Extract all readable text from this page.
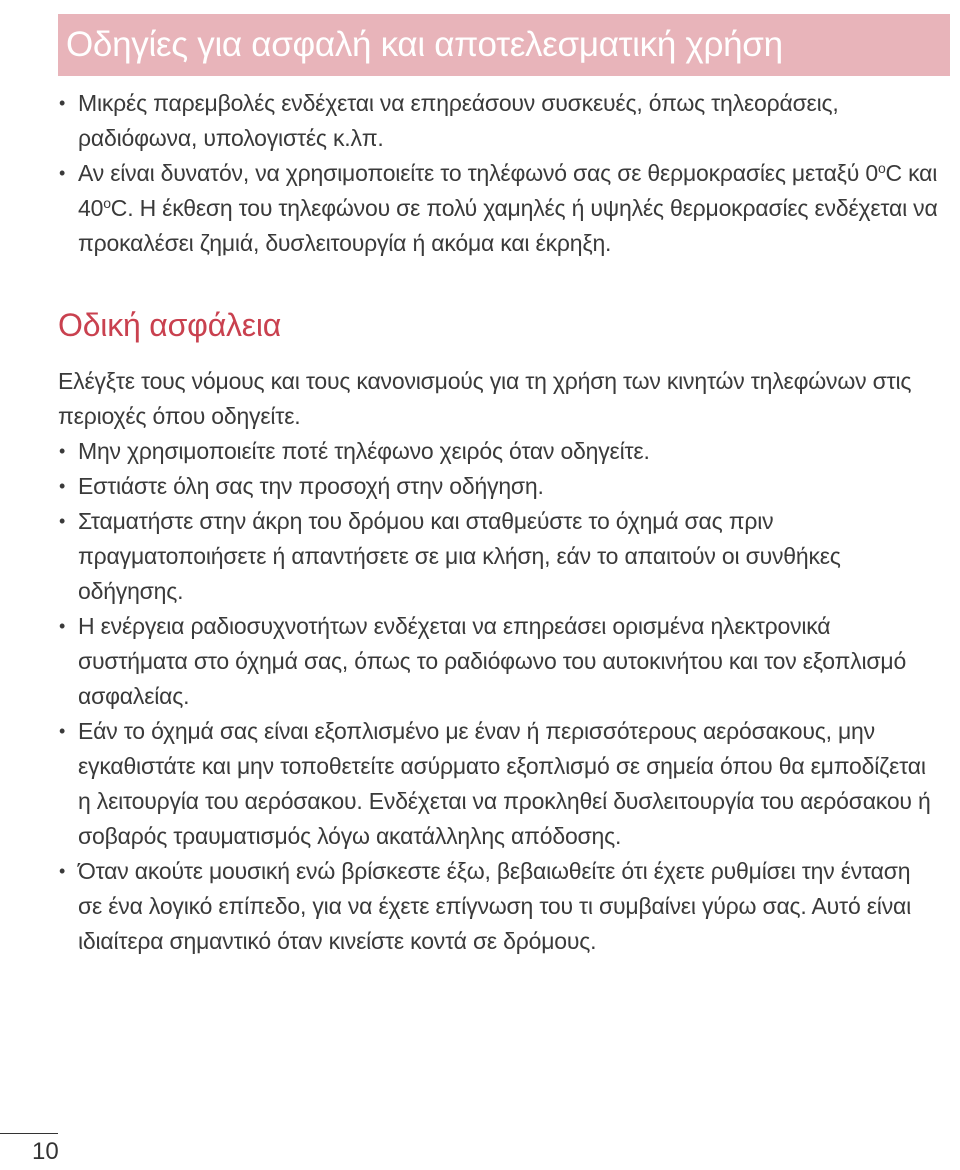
Οδηγίες για ασφαλή και αποτελεσματική χρήση
• Μικρές παρεμβολές ενδέχεται να επηρεάσουν συσκευές, όπως τηλεοράσεις, ραδιόφωνα, υπολογιστές κ.λπ.
• Αν είναι δυνατόν, να χρησιμοποιείτε το τηλέφωνό σας σε θερμοκρασίες μεταξύ 0$^o$C και 40$^o$C. Η έκθεση του τηλεφώνου σε πολύ χαμηλές ή υψηλές θερμοκρασίες ενδέχεται να προκαλέσει ζημιά, δυσλειτουργία ή ακόμα και έκρηξη.
Οδική ασφάλεια
Ελέγξτε τους νόμους και τους κανονισμούς για τη χρήση των κινητών τηλεφώνων στις περιοχές όπου οδηγείτε.
• Μην χρησιμοποιείτε ποτέ τηλέφωνο χειρός όταν οδηγείτε.
• Εστιάστε όλη σας την προσοχή στην οδήγηση.
• Σταματήστε στην άκρη του δρόμου και σταθμεύστε το όχημά σας πριν πραγματοποιήσετε ή απαντήσετε σε μια κλήση, εάν το απαιτούν οι συνθήκες οδήγησης.
• Η ενέργεια ραδιοσυχνοτήτων ενδέχεται να επηρεάσει ορισμένα ηλεκτρονικά συστήματα στο όχημά σας, όπως το ραδιόφωνο του αυτοκινήτου και τον εξοπλισμό ασφαλείας.
• Εάν το όχημά σας είναι εξοπλισμένο με έναν ή περισσότερους αερόσακους, μην εγκαθιστάτε και μην τοποθετείτε ασύρματο εξοπλισμό σε σημεία όπου θα εμποδίζεται η λειτουργία του αερόσακου. Ενδέχεται να προκληθεί δυσλειτουργία του αερόσακου ή σοβαρός τραυματισμός λόγω ακατάλληλης απόδοσης.
• Όταν ακούτε μουσική ενώ βρίσκεστε έξω, βεβαιωθείτε ότι έχετε ρυθμίσει την ένταση σε ένα λογικό επίπεδο, για να έχετε επίγνωση του τι συμβαίνει γύρω σας. Αυτό είναι ιδιαίτερα σημαντικό όταν κινείστε κοντά σε δρόμους.
10
